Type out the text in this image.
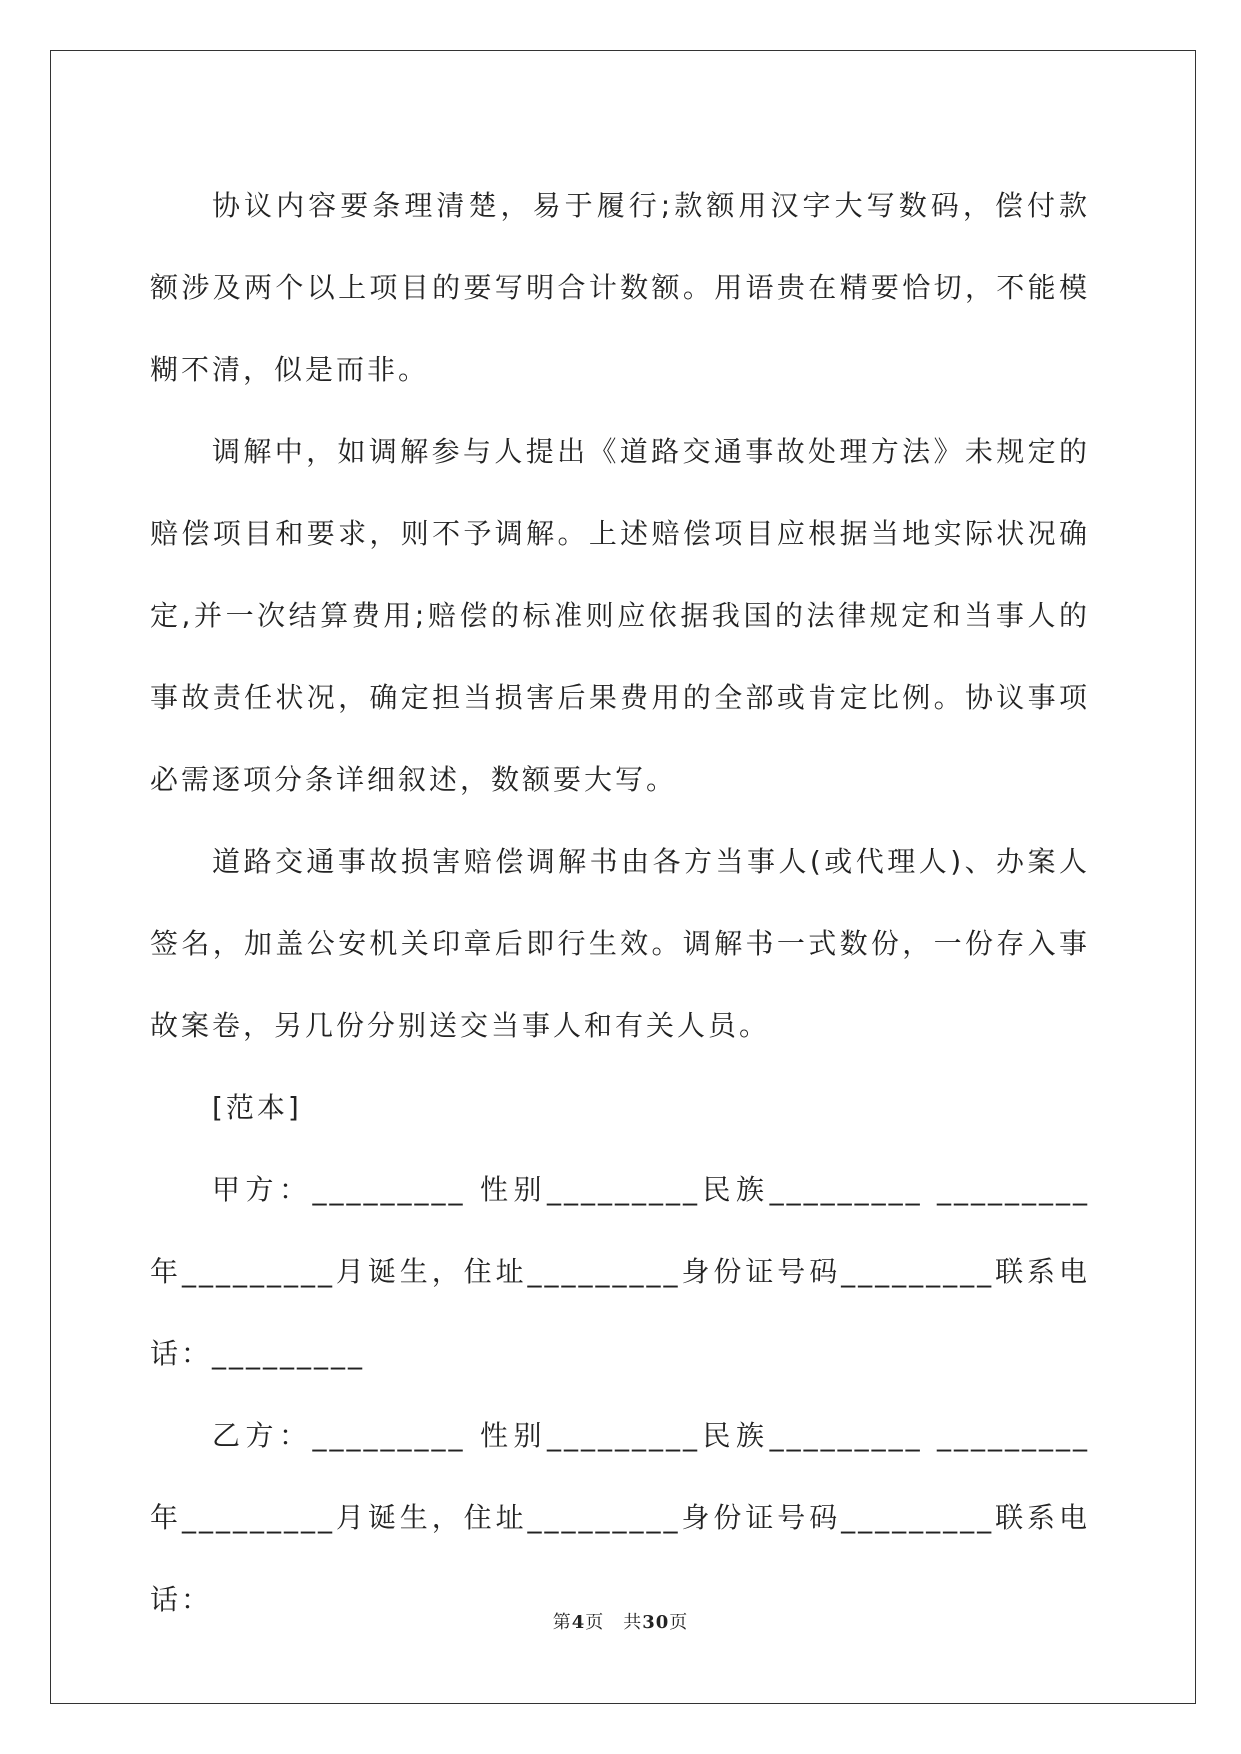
协议内容要条理清楚，易于履行;款额用汉字大写数码，偿付款额涉及两个以上项目的要写明合计数额。用语贵在精要恰切，不能模糊不清，似是而非。

调解中，如调解参与人提出《道路交通事故处理方法》未规定的赔偿项目和要求，则不予调解。上述赔偿项目应根据当地实际状况确定,并一次结算费用;赔偿的标准则应依据我国的法律规定和当事人的事故责任状况，确定担当损害后果费用的全部或肯定比例。协议事项必需逐项分条详细叙述，数额要大写。

道路交通事故损害赔偿调解书由各方当事人(或代理人)、办案人签名，加盖公安机关印章后即行生效。调解书一式数份，一份存入事故案卷，另几份分别送交当事人和有关人员。

[范本]

甲方：_________ 性别_________民族_________ _________年_________月诞生，住址_________身份证号码_________联系电话：_________

乙方：_________ 性别_________民族_________ _________年_________月诞生，住址_________身份证号码_________联系电话：

第4页　共30页
